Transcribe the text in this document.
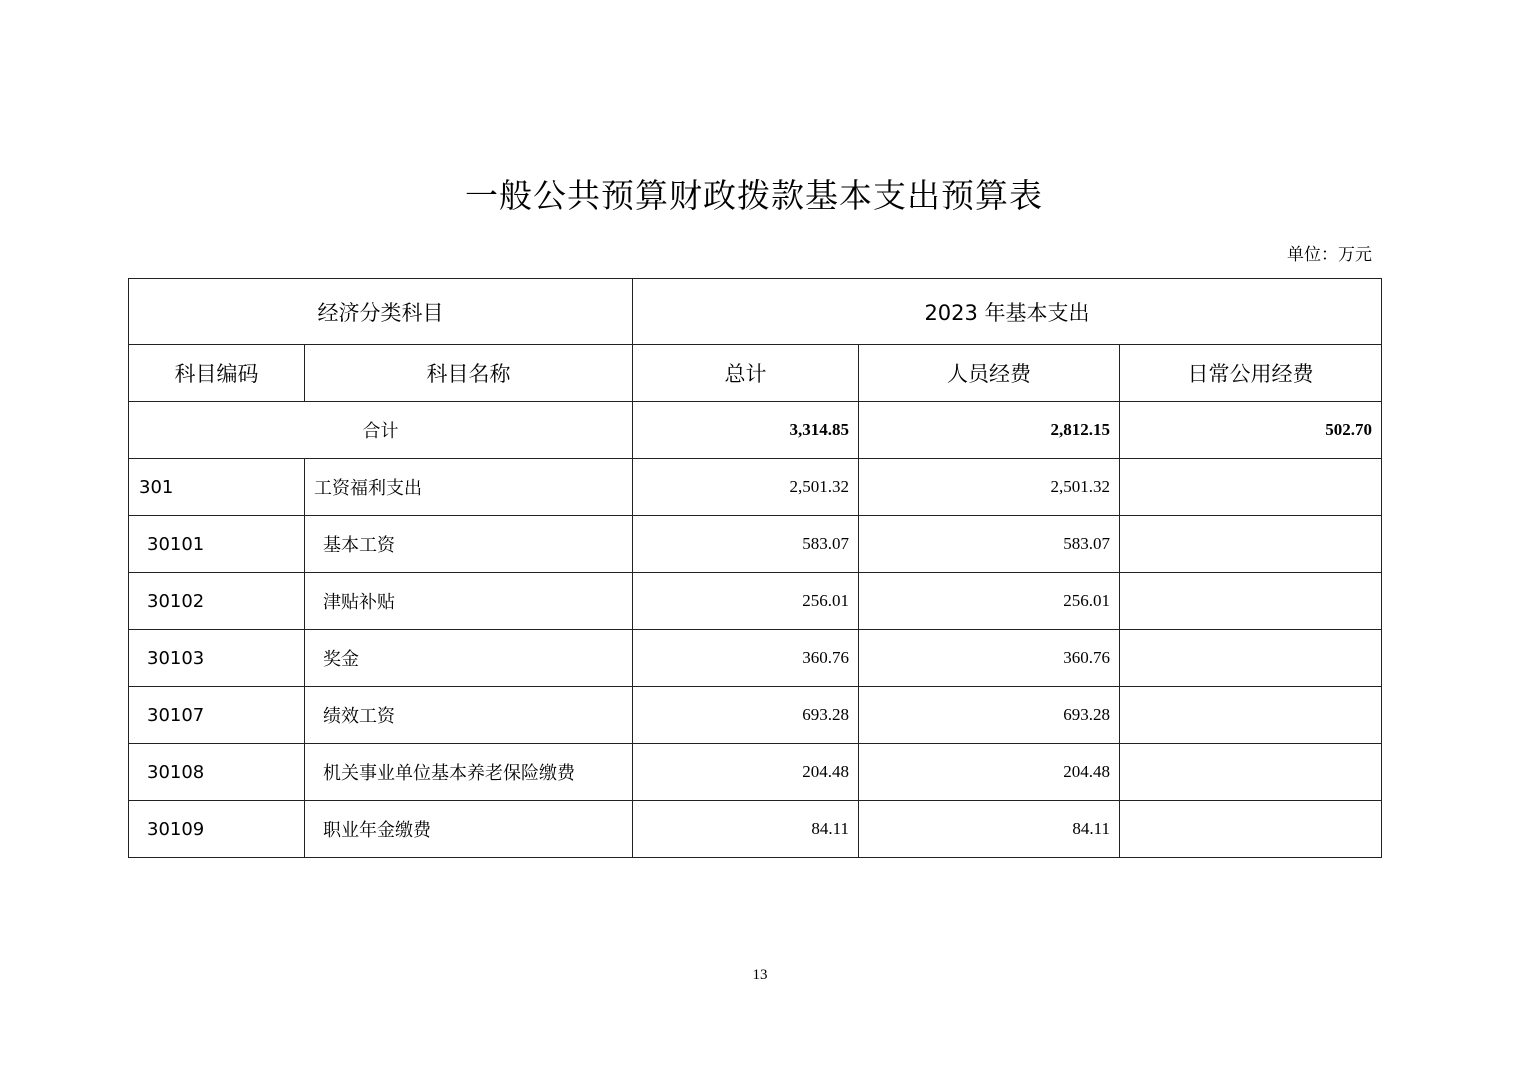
一般公共预算财政拨款基本支出预算表
单位：万元
经济分类科目		2023 年基本支出		
科目编码	科目名称	总计	人员经费	日常公用经费
合计		3,314.85	2,812.15	502.70
301	工资福利支出	2,501.32	2,501.32	
30101	基本工资	583.07	583.07	
30102	津贴补贴	256.01	256.01	
30103	奖金	360.76	360.76	
30107	绩效工资	693.28	693.28	
30108	机关事业单位基本养老保险缴费	204.48	204.48	
30109	职业年金缴费	84.11	84.11	
13
